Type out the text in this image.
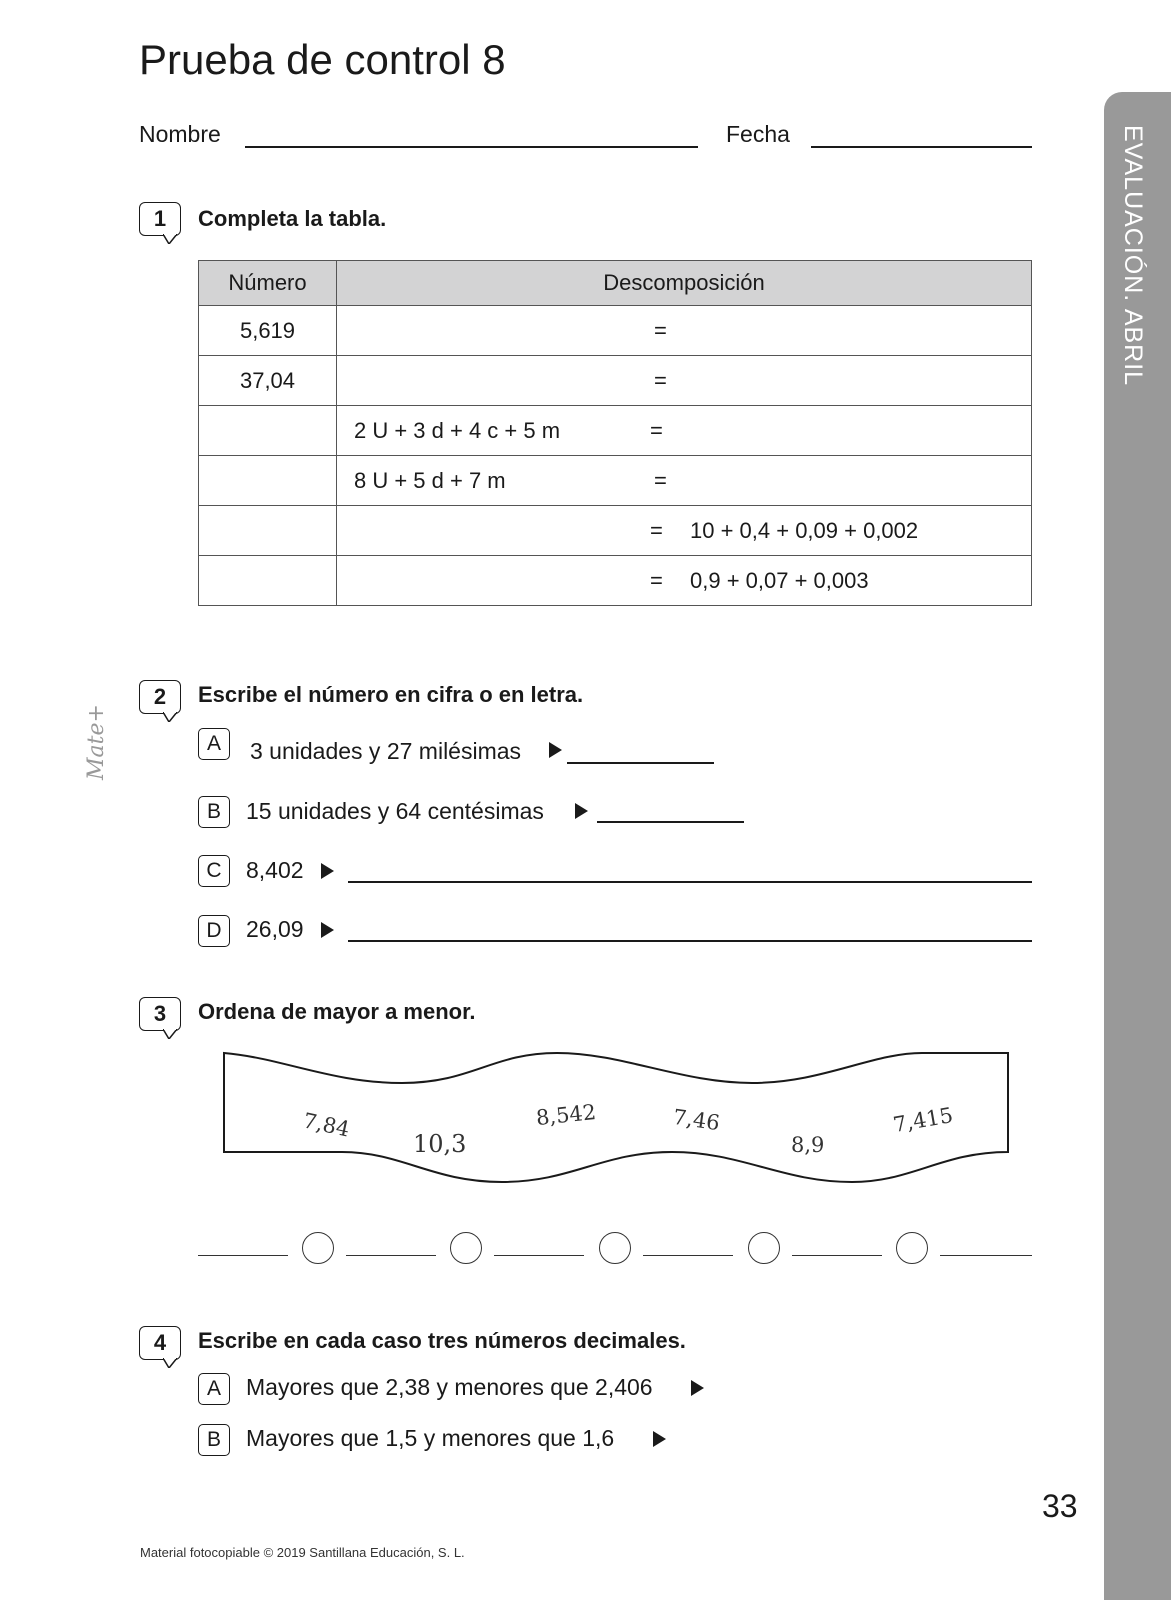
EVALUACIÓN. ABRIL
Mate+
Prueba de control 8
Nombre	Fecha
1	Completa la tabla.
Número	Descomposición
5,619	=

37,04	=

	2 U + 3 d + 4 c + 5 m =

	8 U + 5 d + 7 m =

	= 10 + 0,4 + 0,09 + 0,002

	= 0,9 + 0,07 + 0,003
2	Escribe el número en cifra o en letra.
A	3 unidades y 27 milésimas
B	15 unidades y 64 centésimas
C	8,402
D	26,09
3	Ordena de mayor a menor.
7,84
10,3
8,542	7,46
8,9
7,415
4	Escribe en cada caso tres números decimales.
A	Mayores que 2,38 y menores que 2,406
B	Mayores que 1,5 y menores que 1,6
33
Material fotocopiable © 2019 Santillana Educación, S. L.
